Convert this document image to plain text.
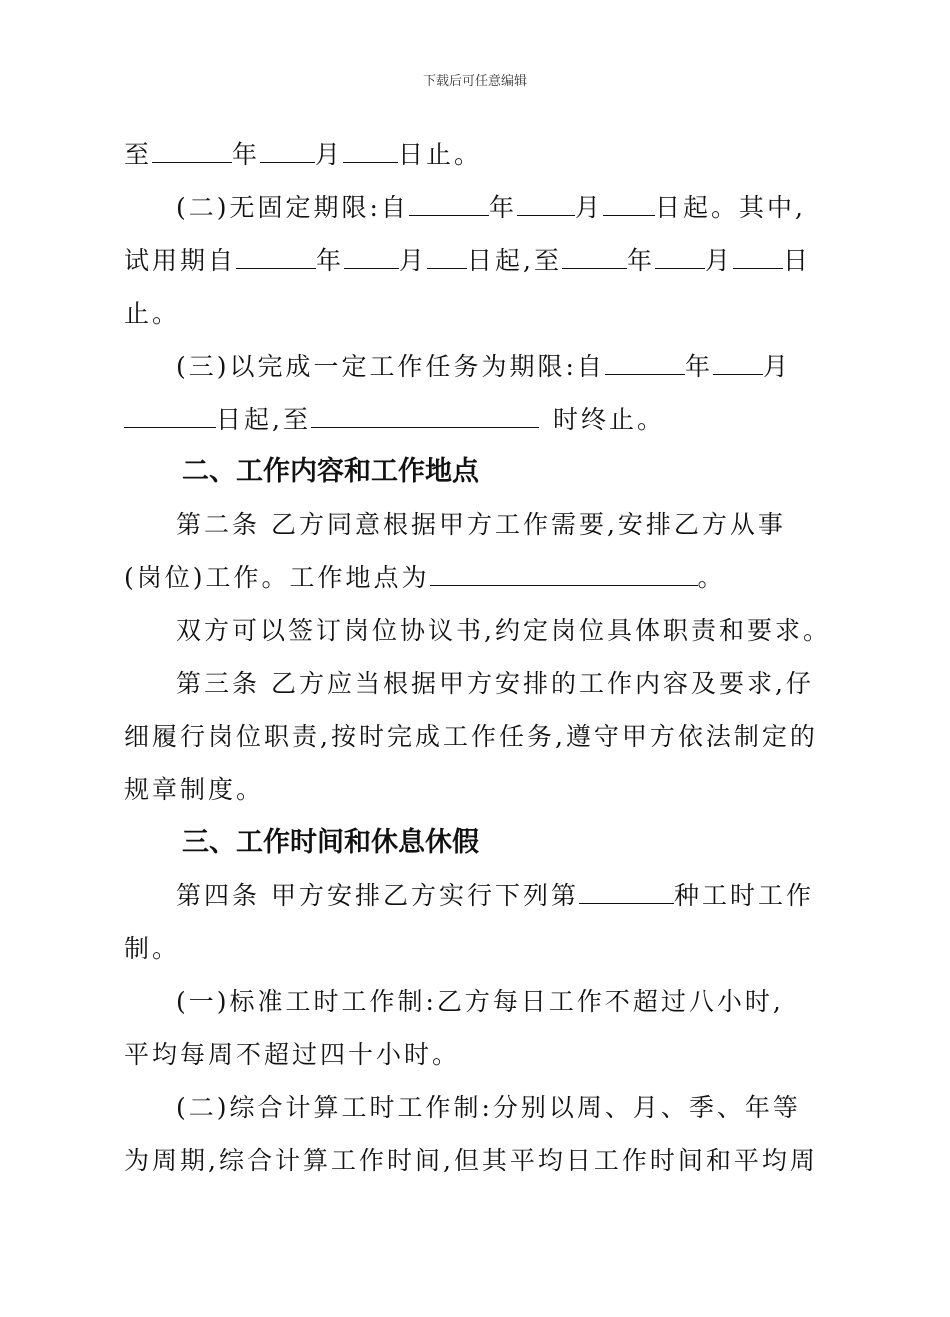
下载后可任意编辑
至	年 月 日止。
(二)无固定期限:自	年 月 日起。其中,
试用期自	年 月 日起,至	年 月 日
止。
(三)以完成一定工作任务为期限:自	年 月
日起,至	时终止。
二、工作内容和工作地点
第二条 乙方同意根据甲方工作需要,安排乙方从事
(岗位)工作。工作地点为	。
双方可以签订岗位协议书,约定岗位具体职责和要求。
第三条 乙方应当根据甲方安排的工作内容及要求,仔
细履行岗位职责,按时完成工作任务,遵守甲方依法制定的
规章制度。
三、工作时间和休息休假
第四条 甲方安排乙方实行下列第	种工时工作
制。
(一)标准工时工作制:乙方每日工作不超过八小时,
平均每周不超过四十小时。
(二)综合计算工时工作制:分别以周、月、季、年等
为周期,综合计算工作时间,但其平均日工作时间和平均周
